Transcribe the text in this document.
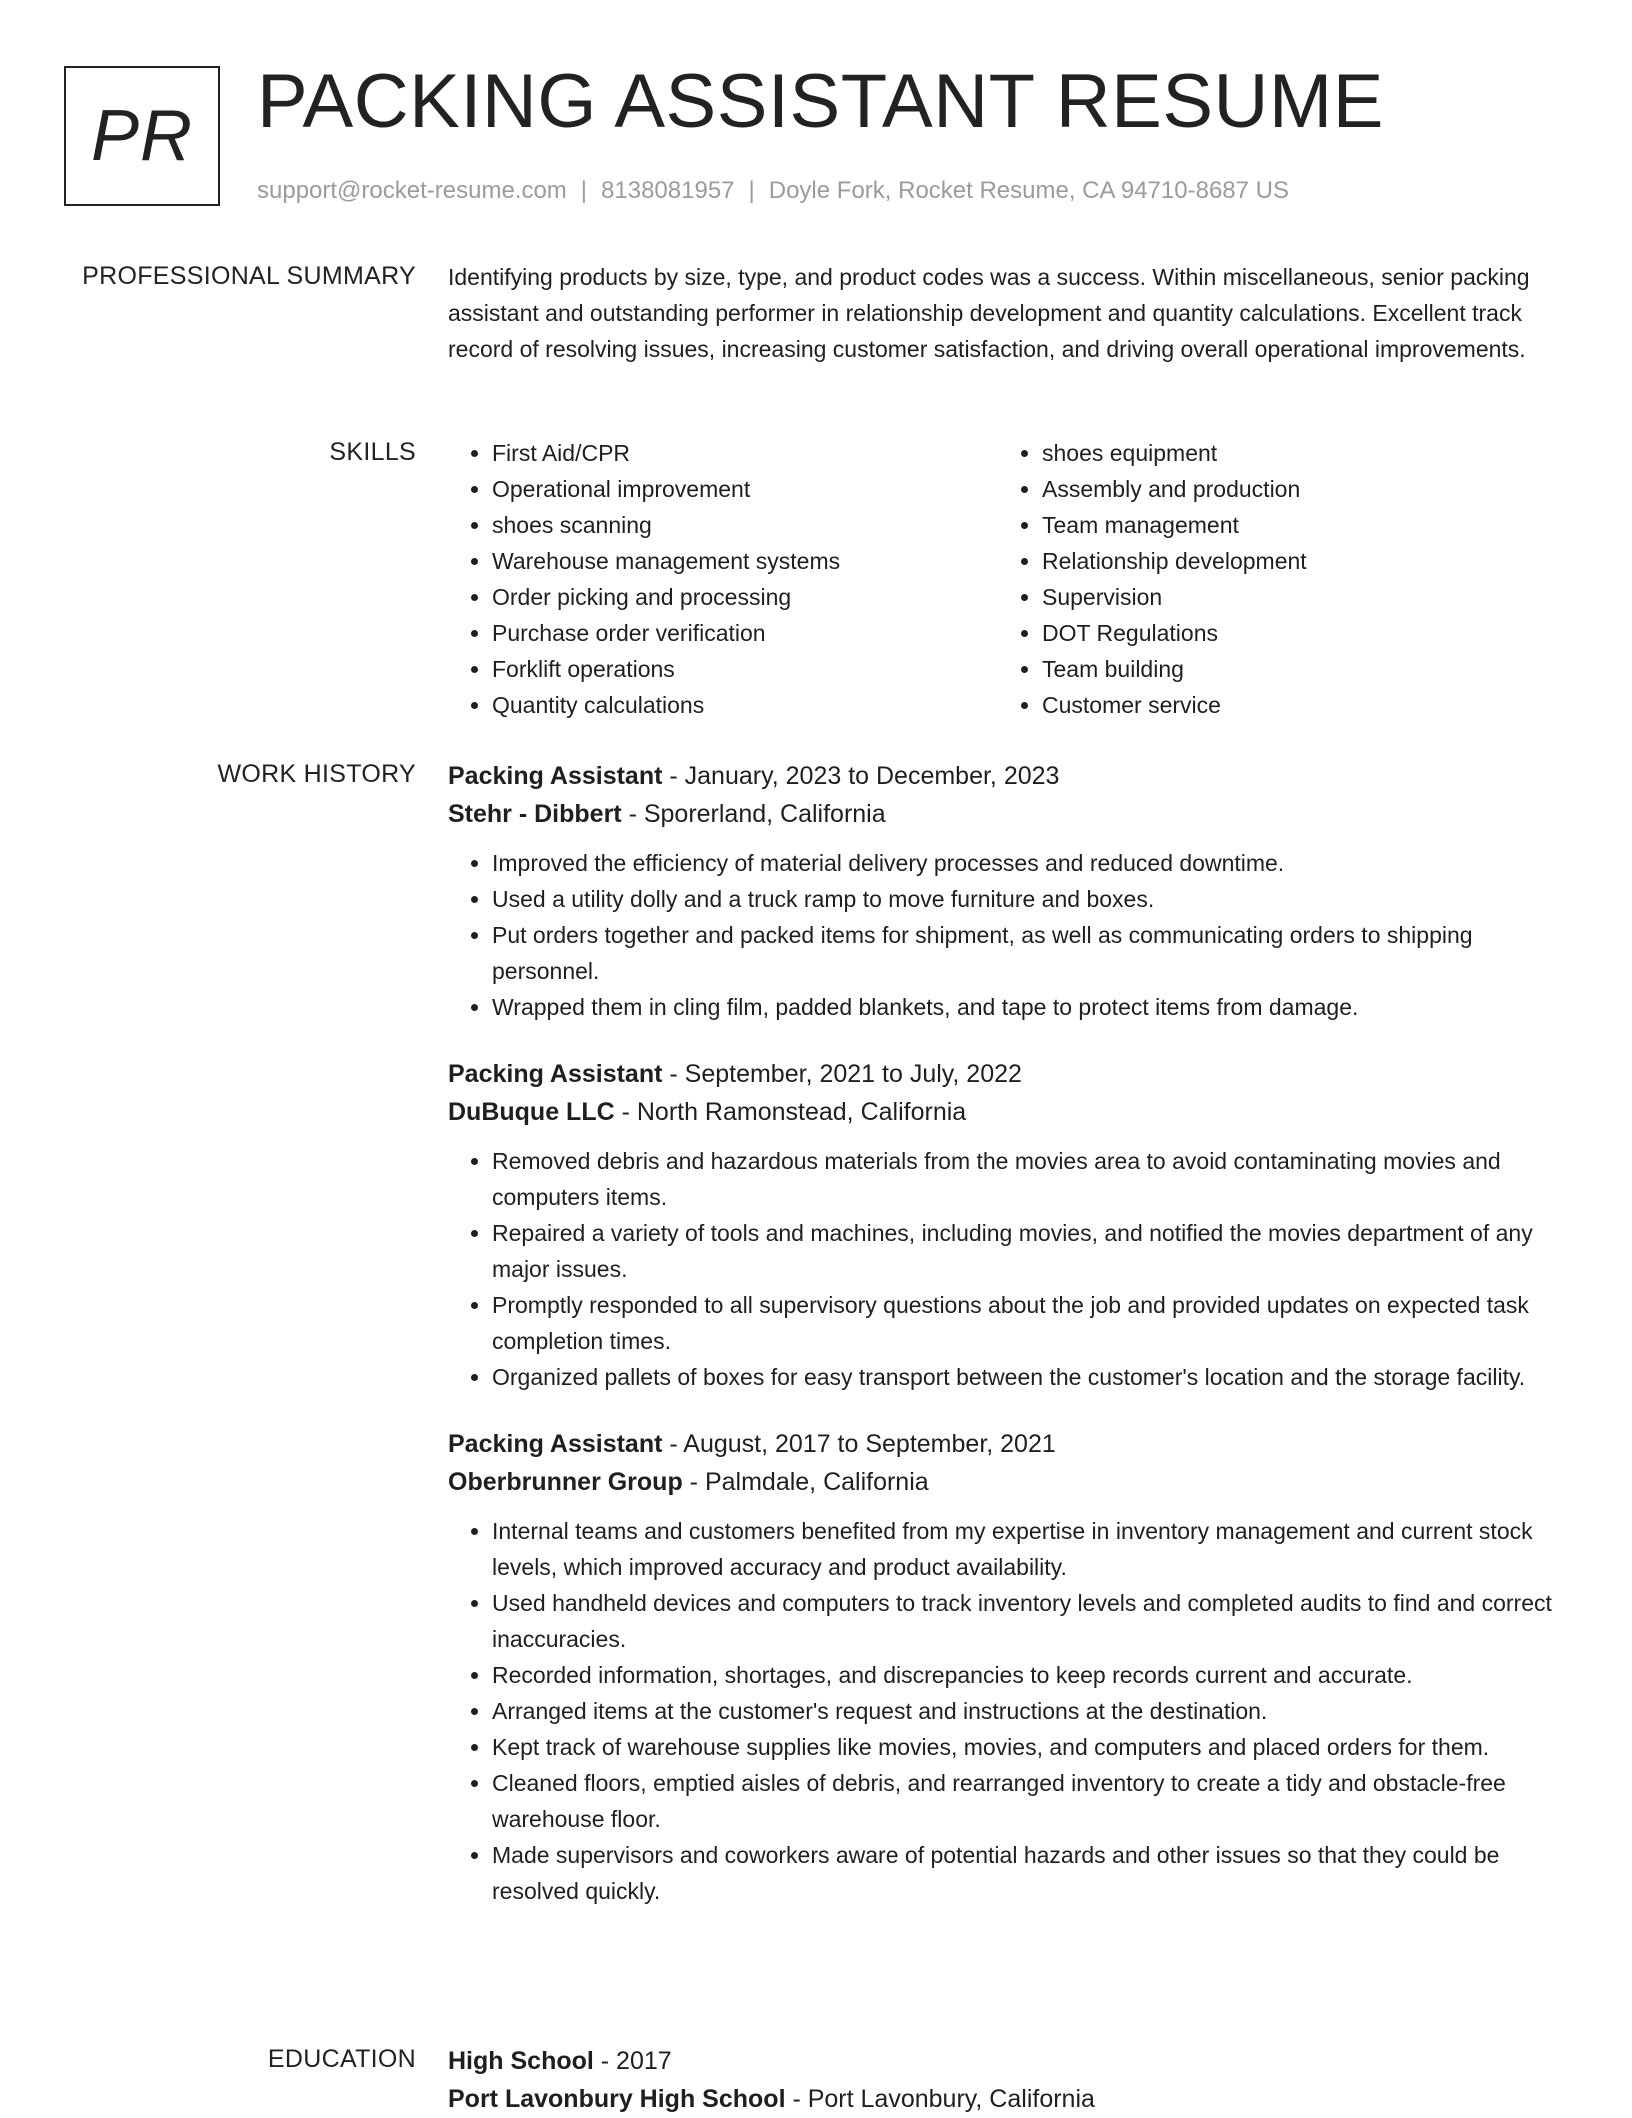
PR PACKING ASSISTANT RESUME
support@rocket-resume.com | 8138081957 | Doyle Fork, Rocket Resume, CA 94710-8687 US
PROFESSIONAL SUMMARY Identifying products by size, type, and product codes was a success. Within miscellaneous, senior packing assistant and outstanding performer in relationship development and quantity calculations. Excellent track record of resolving issues, increasing customer satisfaction, and driving overall operational improvements.

SKILLS
•	First Aid/CPR
• Operational improvement
• shoes scanning
• Warehouse management systems
• Order picking and processing
• Purchase order verification
• Forklift operations
• Quantity calculations
• shoes equipment
• Assembly and production
• Team management
• Relationship development
• Supervision
• DOT Regulations
• Team building
• Customer service
WORK HISTORY Packing Assistant - January, 2023 to December, 2023
Stehr - Dibbert - Sporerland, California
• Improved the efficiency of material delivery processes and reduced downtime.
• Used a utility dolly and a truck ramp to move furniture and boxes.
• Put orders together and packed items for shipment, as well as communicating orders to shipping personnel.
• Wrapped them in cling film, padded blankets, and tape to protect items from damage.
Packing Assistant - September, 2021 to July, 2022
DuBuque LLC - North Ramonstead, California
• Removed debris and hazardous materials from the movies area to avoid contaminating movies and computers items.
• Repaired a variety of tools and machines, including movies, and notified the movies department of any major issues.
• Promptly responded to all supervisory questions about the job and provided updates on expected task completion times.
• Organized pallets of boxes for easy transport between the customer's location and the storage facility.
Packing Assistant - August, 2017 to September, 2021
Oberbrunner Group - Palmdale, California
• Internal teams and customers benefited from my expertise in inventory management and current stock levels, which improved accuracy and product availability.
• Used handheld devices and computers to track inventory levels and completed audits to find and correct inaccuracies.
• Recorded information, shortages, and discrepancies to keep records current and accurate.
• Arranged items at the customer's request and instructions at the destination.
• Kept track of warehouse supplies like movies, movies, and computers and placed orders for them.
• Cleaned floors, emptied aisles of debris, and rearranged inventory to create a tidy and obstacle-free warehouse floor.
• Made supervisors and coworkers aware of potential hazards and other issues so that they could be resolved quickly.
EDUCATION High School - 2017
Port Lavonbury High School - Port Lavonbury, California
